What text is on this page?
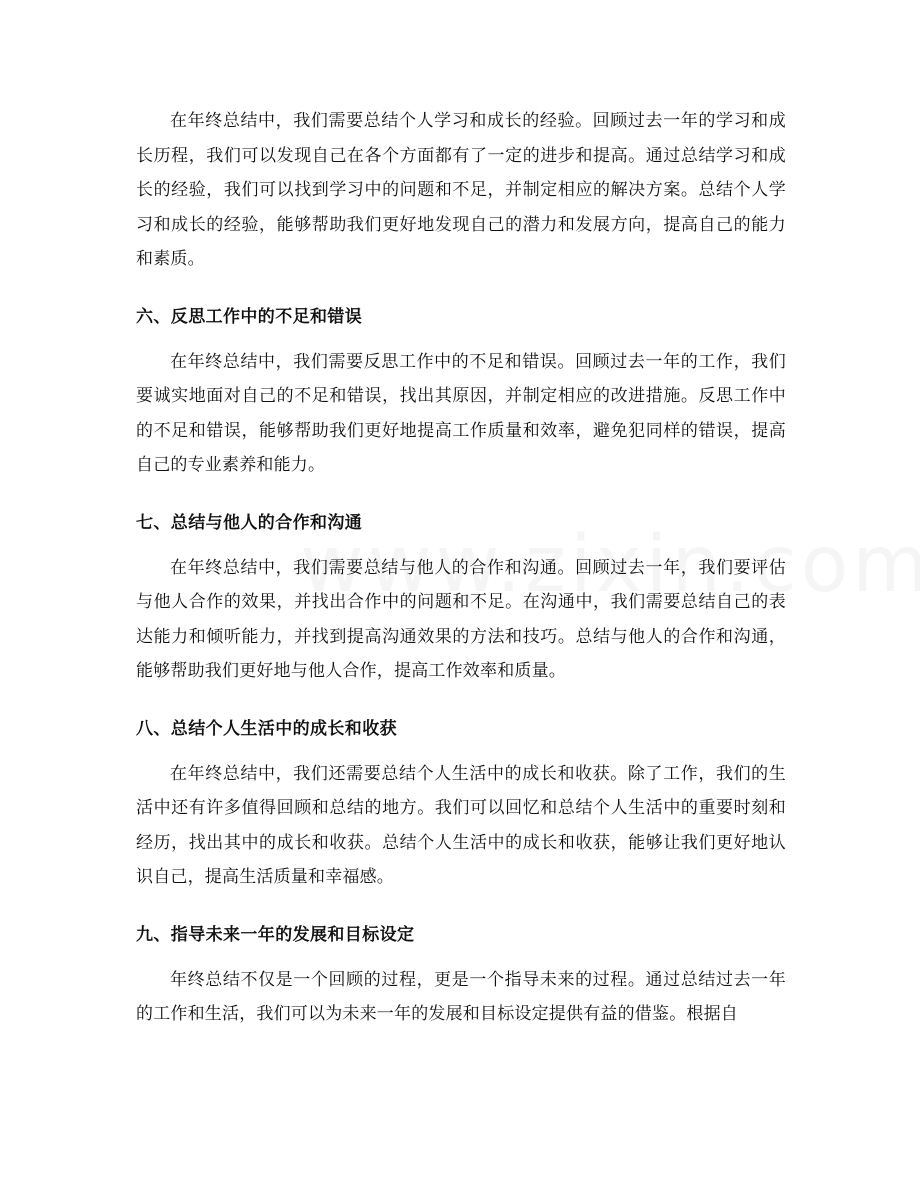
在年终总结中，我们需要总结个人学习和成长的经验。回顾过去一年的学习和成长历程，我们可以发现自己在各个方面都有了一定的进步和提高。通过总结学习和成长的经验，我们可以找到学习中的问题和不足，并制定相应的解决方案。总结个人学习和成长的经验，能够帮助我们更好地发现自己的潜力和发展方向，提高自己的能力和素质。

六、反思工作中的不足和错误

在年终总结中，我们需要反思工作中的不足和错误。回顾过去一年的工作，我们要诚实地面对自己的不足和错误，找出其原因，并制定相应的改进措施。反思工作中的不足和错误，能够帮助我们更好地提高工作质量和效率，避免犯同样的错误，提高自己的专业素养和能力。

七、总结与他人的合作和沟通

在年终总结中，我们需要总结与他人的合作和沟通。回顾过去一年，我们要评估与他人合作的效果，并找出合作中的问题和不足。在沟通中，我们需要总结自己的表达能力和倾听能力，并找到提高沟通效果的方法和技巧。总结与他人的合作和沟通，能够帮助我们更好地与他人合作，提高工作效率和质量。

八、总结个人生活中的成长和收获

在年终总结中，我们还需要总结个人生活中的成长和收获。除了工作，我们的生活中还有许多值得回顾和总结的地方。我们可以回忆和总结个人生活中的重要时刻和经历，找出其中的成长和收获。总结个人生活中的成长和收获，能够让我们更好地认识自己，提高生活质量和幸福感。

九、指导未来一年的发展和目标设定

年终总结不仅是一个回顾的过程，更是一个指导未来的过程。通过总结过去一年的工作和生活，我们可以为未来一年的发展和目标设定提供有益的借鉴。根据自
